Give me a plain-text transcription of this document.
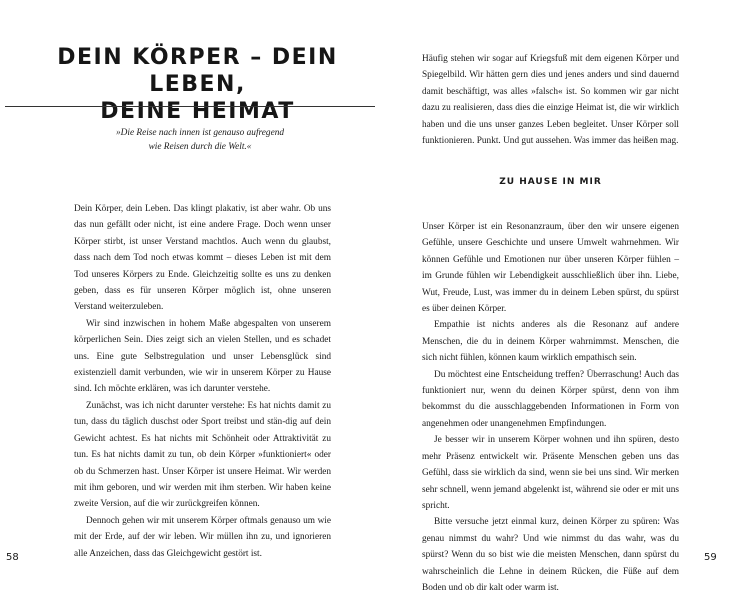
DEIN KÖRPER – DEIN LEBEN,
DEINE HEIMAT
»Die Reise nach innen ist genauso aufregend
wie Reisen durch die Welt.«

Dein Körper, dein Leben. Das klingt plakativ, ist aber wahr. Ob uns das nun gefällt oder nicht, ist eine andere Frage. Doch wenn unser Körper stirbt, ist unser Verstand machtlos. Auch wenn du glaubst, dass nach dem Tod noch etwas kommt – dieses Leben ist mit dem Tod unseres Körpers zu Ende. Gleichzeitig sollte es uns zu denken geben, dass es für unseren Körper möglich ist, ohne unseren Verstand weiterzuleben.

Wir sind inzwischen in hohem Maße abgespalten von unserem körperlichen Sein. Dies zeigt sich an vielen Stellen, und es schadet uns. Eine gute Selbstregulation und unser Lebensglück sind existenziell damit verbunden, wie wir in unserem Körper zu Hause sind. Ich möchte erklären, was ich darunter verstehe.

Zunächst, was ich nicht darunter verstehe: Es hat nichts damit zu tun, dass du täglich duschst oder Sport treibst und stän-dig auf dein Gewicht achtest. Es hat nichts mit Schönheit oder Attraktivität zu tun. Es hat nichts damit zu tun, ob dein Körper »funktioniert« oder ob du Schmerzen hast. Unser Körper ist unsere Heimat. Wir werden mit ihm geboren, und wir werden mit ihm sterben. Wir haben keine zweite Version, auf die wir zurückgreifen können.

Dennoch gehen wir mit unserem Körper oftmals genauso um wie mit der Erde, auf der wir leben. Wir müllen ihn zu, und ignorieren alle Anzeichen, dass das Gleichgewicht gestört ist.

58

Häufig stehen wir sogar auf Kriegsfuß mit dem eigenen Körper und Spiegelbild. Wir hätten gern dies und jenes anders und sind dauernd damit beschäftigt, was alles »falsch« ist. So kommen wir gar nicht dazu zu realisieren, dass dies die einzige Heimat ist, die wir wirklich haben und die uns unser ganzes Leben begleitet. Unser Körper soll funktionieren. Punkt. Und gut aussehen. Was immer das heißen mag.

ZU HAUSE IN MIR

Unser Körper ist ein Resonanzraum, über den wir unsere eigenen Gefühle, unsere Geschichte und unsere Umwelt wahrnehmen. Wir können Gefühle und Emotionen nur über unseren Körper fühlen – im Grunde fühlen wir Lebendigkeit ausschließlich über ihn. Liebe, Wut, Freude, Lust, was immer du in deinem Leben spürst, du spürst es über deinen Körper.

Empathie ist nichts anderes als die Resonanz auf andere Menschen, die du in deinem Körper wahrnimmst. Menschen, die sich nicht fühlen, können kaum wirklich empathisch sein.

Du möchtest eine Entscheidung treffen? Überraschung! Auch das funktioniert nur, wenn du deinen Körper spürst, denn von ihm bekommst du die ausschlaggebenden Informationen in Form von angenehmen oder unangenehmen Empfindungen.

Je besser wir in unserem Körper wohnen und ihn spüren, desto mehr Präsenz entwickelt wir. Präsente Menschen geben uns das Gefühl, dass sie wirklich da sind, wenn sie bei uns sind. Wir merken sehr schnell, wenn jemand abgelenkt ist, während sie oder er mit uns spricht.

Bitte versuche jetzt einmal kurz, deinen Körper zu spüren: Was genau nimmst du wahr? Und wie nimmst du das wahr, was du spürst? Wenn du so bist wie die meisten Menschen, dann spürst du wahrscheinlich die Lehne in deinem Rücken, die Füße auf dem Boden und ob dir kalt oder warm ist.

59
